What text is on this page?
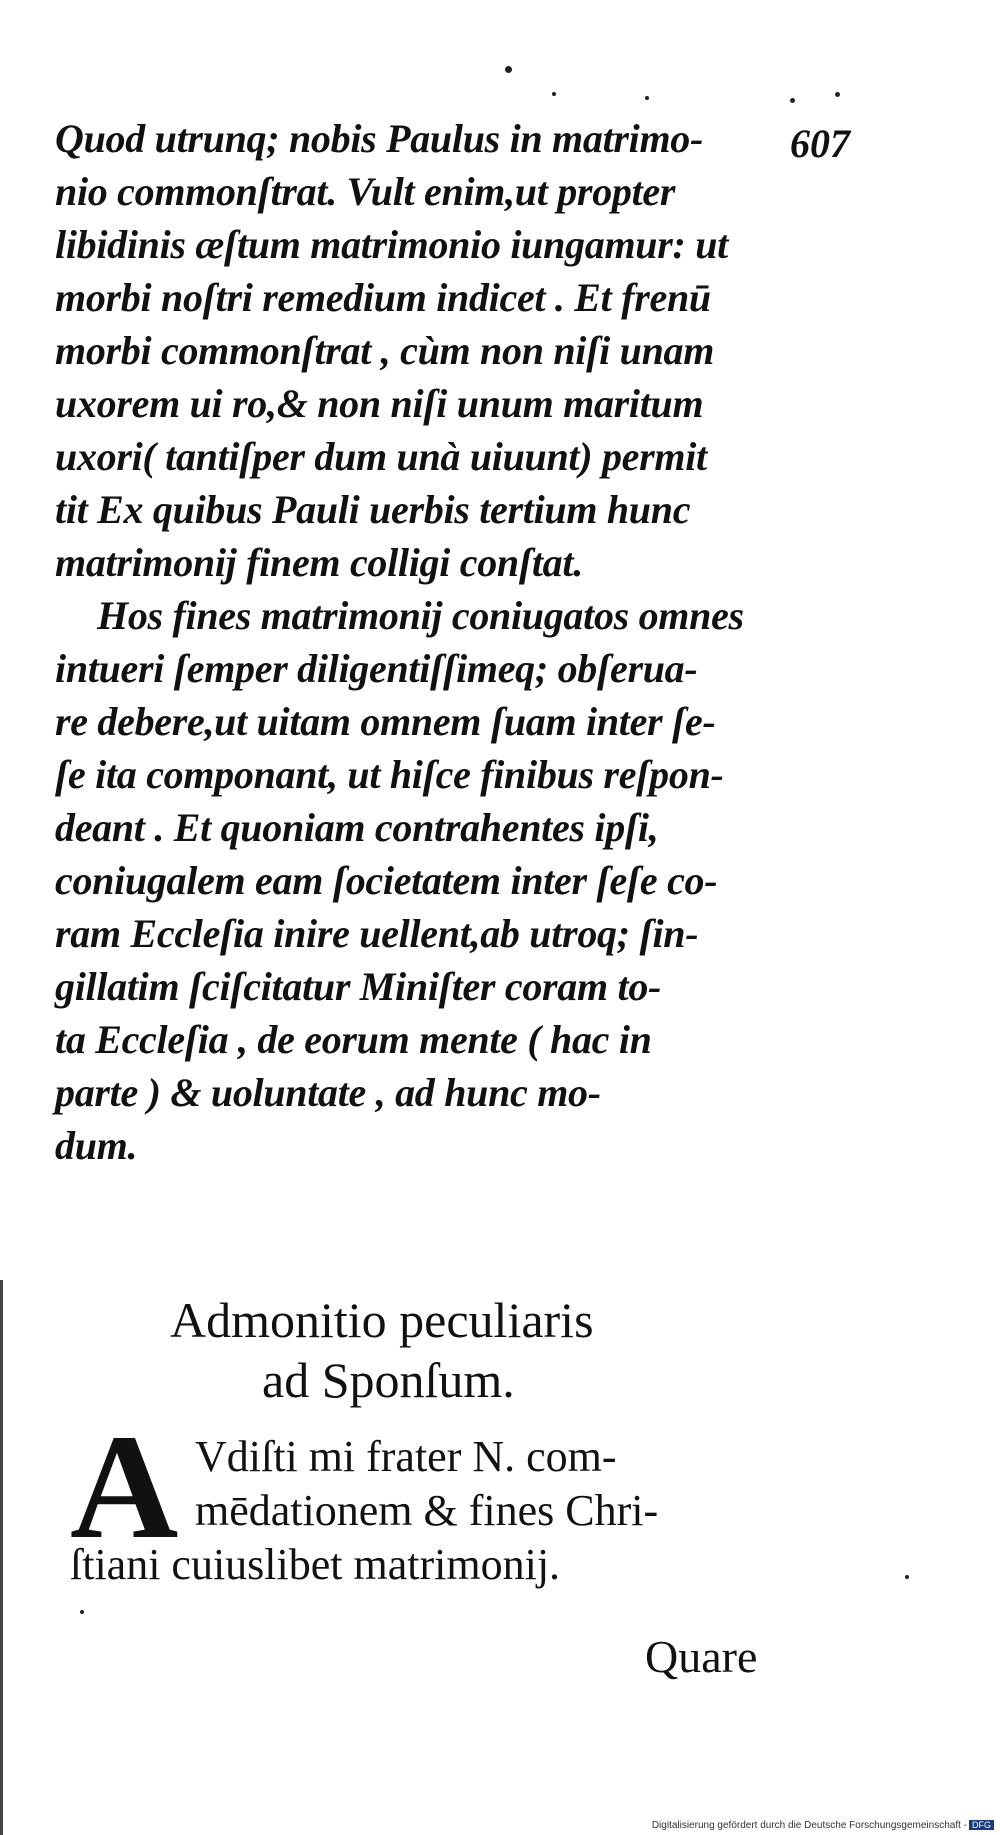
607
Quod utrunq; nobis Paulus in matrimo-
nio commonſtrat. Vult enim,ut propter
libidinis æſtum matrimonio iungamur: ut
morbi noſtri remedium indicet . Et frenū
morbi commonſtrat , cùm non niſi unam
uxorem ui ro,& non niſi unum maritum
uxori( tantiſper dum unà uiuunt) permit
tit Ex quibus Pauli uerbis tertium hunc
matrimonij finem colligi conſtat.
Hos fines matrimonij coniugatos omnes
intueri ſemper diligentiſſimeq; obſerua-
re debere,ut uitam omnem ſuam inter ſe-
ſe ita componant, ut hiſce finibus reſpon-
deant . Et quoniam contrahentes ipſi,
coniugalem eam ſocietatem inter ſeſe co-
ram Eccleſia inire uellent,ab utroq; ſin-
gillatim ſciſcitatur Miniſter coram to-
ta Eccleſia , de eorum mente ( hac in
parte ) & uoluntate , ad hunc mo-
dum.
Admonitio peculiaris
ad Sponſum.
A Vdiſti mi frater N. com-
mēdationem & fines Chri-
ſtiani cuiuslibet matrimonij.
Quare
Digitalisierung gefördert durch die Deutsche Forschungsgemeinschaft - DFG
